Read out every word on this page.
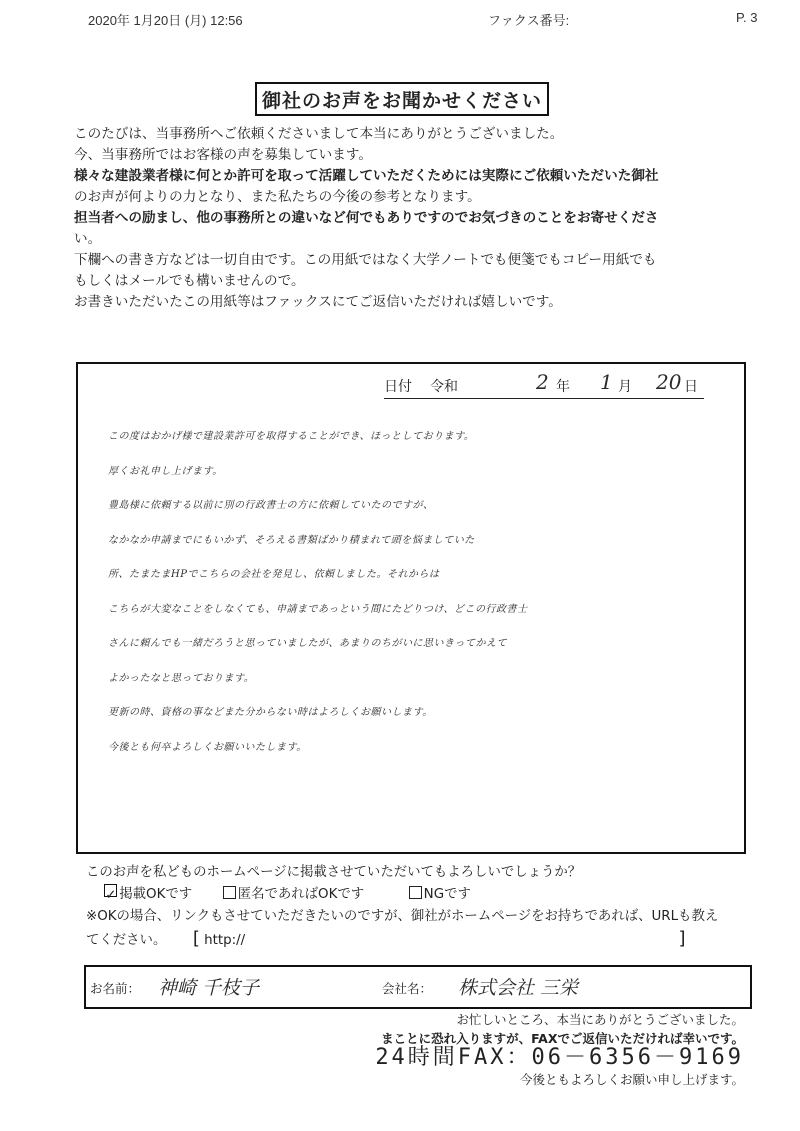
2020年 1月20日 (月) 12:56	ファクス番号:	P. 3
御社のお声をお聞かせください

このたびは、当事務所へご依頼くださいまして本当にありがとうございました。

今、当事務所ではお客様の声を募集しています。

様々な建設業者様に何とか許可を取って活躍していただくためには実際にご依頼いただいた御社

のお声が何よりの力となり、また私たちの今後の参考となります。

担当者への励まし、他の事務所との違いなど何でもありですのでお気づきのことをお寄せくださ

い。

下欄への書き方などは一切自由です。この用紙ではなく大学ノートでも便箋でもコピー用紙でも

もしくはメールでも構いませんので。

お書きいただいたこの用紙等はファックスにてご返信いただければ嬉しいです。

日付 令和	2 年 1 月 20 日

この度はおかげ様で建設業許可を取得することができ、ほっとしております。

厚くお礼申し上げます。

豊島様に依頼する以前に別の行政書士の方に依頼していたのですが、

なかなか申請までにもいかず、そろえる書類ばかり積まれて頭を悩ましていた

所、たまたまHPでこちらの会社を発見し、依頼しました。それからは

こちらが大変なことをしなくても、申請まであっという間にたどりつけ、どこの行政書士

さんに頼んでも一緒だろうと思っていましたが、あまりのちがいに思いきってかえて

よかったなと思っております。

更新の時、資格の事などまた分からない時はよろしくお願いします。

今後とも何卒よろしくお願いいたします。

このお声を私どものホームページに掲載させていただいてもよろしいでしょうか？

✓ 掲載OKです	匿名であればOKです	NGです

※OKの場合、リンクもさせていただきたいのですが、御社がホームページをお持ちであれば、URLも教え

てください。 [ http://	]

お名前： 神崎 千枝子	会社名： 株式会社 三栄

お忙しいところ、本当にありがとうございました。

まことに恐れ入りますが、FAXでご返信いただければ幸いです。

24時間FAX：06－6356－9169
今後ともよろしくお願い申し上げます。
